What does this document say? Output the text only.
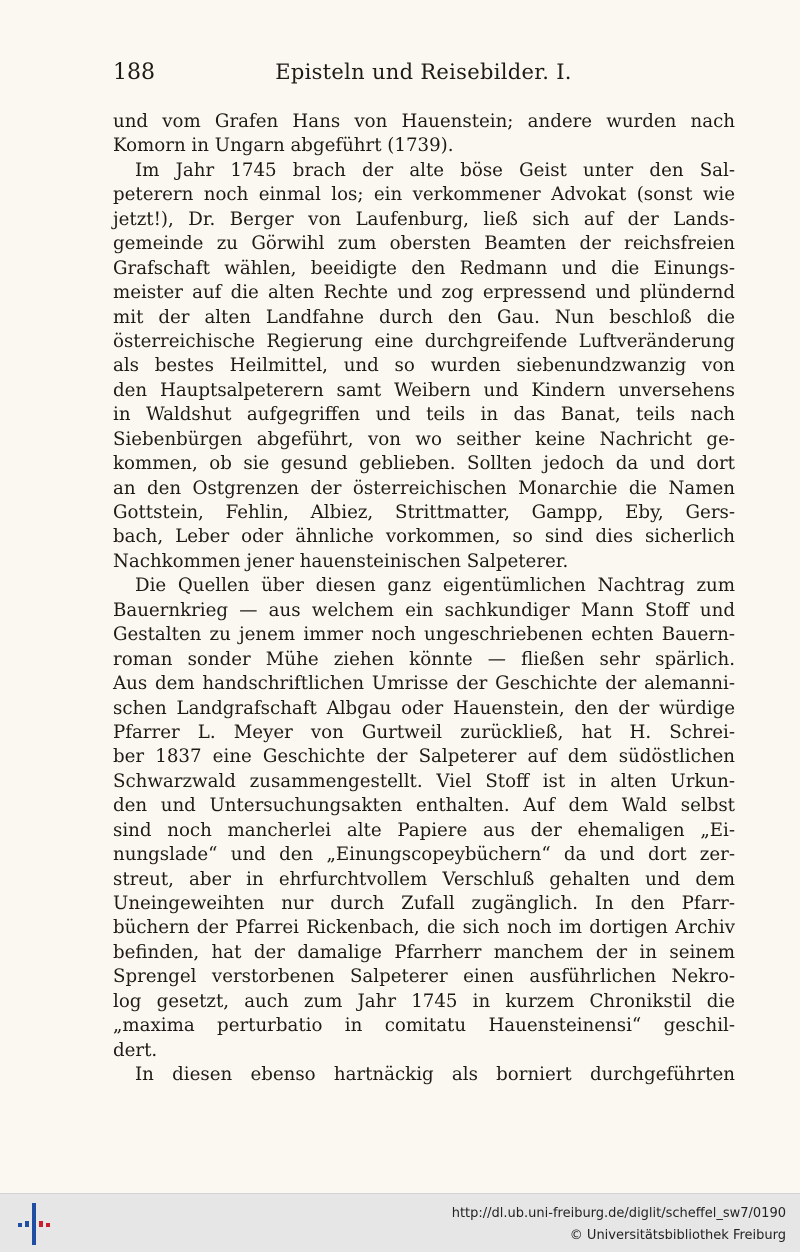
188	Episteln und Reisebilder. I.
und vom Grafen Hans von Hauenstein; andere wurden nach
Komorn in Ungarn abgeführt (1739).
Im Jahr 1745 brach der alte böse Geist unter den Sal-
peterern noch einmal los; ein verkommener Advokat (sonst wie
jetzt!), Dr. Berger von Laufenburg, ließ sich auf der Lands-
gemeinde zu Görwihl zum obersten Beamten der reichsfreien
Grafschaft wählen, beeidigte den Redmann und die Einungs-
meister auf die alten Rechte und zog erpressend und plündernd
mit der alten Landfahne durch den Gau. Nun beschloß die
österreichische Regierung eine durchgreifende Luftveränderung
als bestes Heilmittel, und so wurden siebenundzwanzig von
den Hauptsalpeterern samt Weibern und Kindern unversehens
in Waldshut aufgegriffen und teils in das Banat, teils nach
Siebenbürgen abgeführt, von wo seither keine Nachricht ge-
kommen, ob sie gesund geblieben. Sollten jedoch da und dort
an den Ostgrenzen der österreichischen Monarchie die Namen
Gottstein, Fehlin, Albiez, Strittmatter, Gampp, Eby, Gers-
bach, Leber oder ähnliche vorkommen, so sind dies sicherlich
Nachkommen jener hauensteinischen Salpeterer.
Die Quellen über diesen ganz eigentümlichen Nachtrag zum
Bauernkrieg — aus welchem ein sachkundiger Mann Stoff und
Gestalten zu jenem immer noch ungeschriebenen echten Bauern-
roman sonder Mühe ziehen könnte — fließen sehr spärlich.
Aus dem handschriftlichen Umrisse der Geschichte der alemanni-
schen Landgrafschaft Albgau oder Hauenstein, den der würdige
Pfarrer L. Meyer von Gurtweil zurückließ, hat H. Schrei-
ber 1837 eine Geschichte der Salpeterer auf dem südöstlichen
Schwarzwald zusammengestellt. Viel Stoff ist in alten Urkun-
den und Untersuchungsakten enthalten. Auf dem Wald selbst
sind noch mancherlei alte Papiere aus der ehemaligen „Ei-
nungslade“ und den „Einungscopeybüchern“ da und dort zer-
streut, aber in ehrfurchtvollem Verschluß gehalten und dem
Uneingeweihten nur durch Zufall zugänglich. In den Pfarr-
büchern der Pfarrei Rickenbach, die sich noch im dortigen Archiv
befinden, hat der damalige Pfarrherr manchem der in seinem
Sprengel verstorbenen Salpeterer einen ausführlichen Nekro-
log gesetzt, auch zum Jahr 1745 in kurzem Chronikstil die
„maxima perturbatio in comitatu Hauensteinensi“ geschil-
dert.
In diesen ebenso hartnäckig als borniert durchgeführten
http://dl.ub.uni-freiburg.de/diglit/scheffel_sw7/0190
© Universitätsbibliothek Freiburg
